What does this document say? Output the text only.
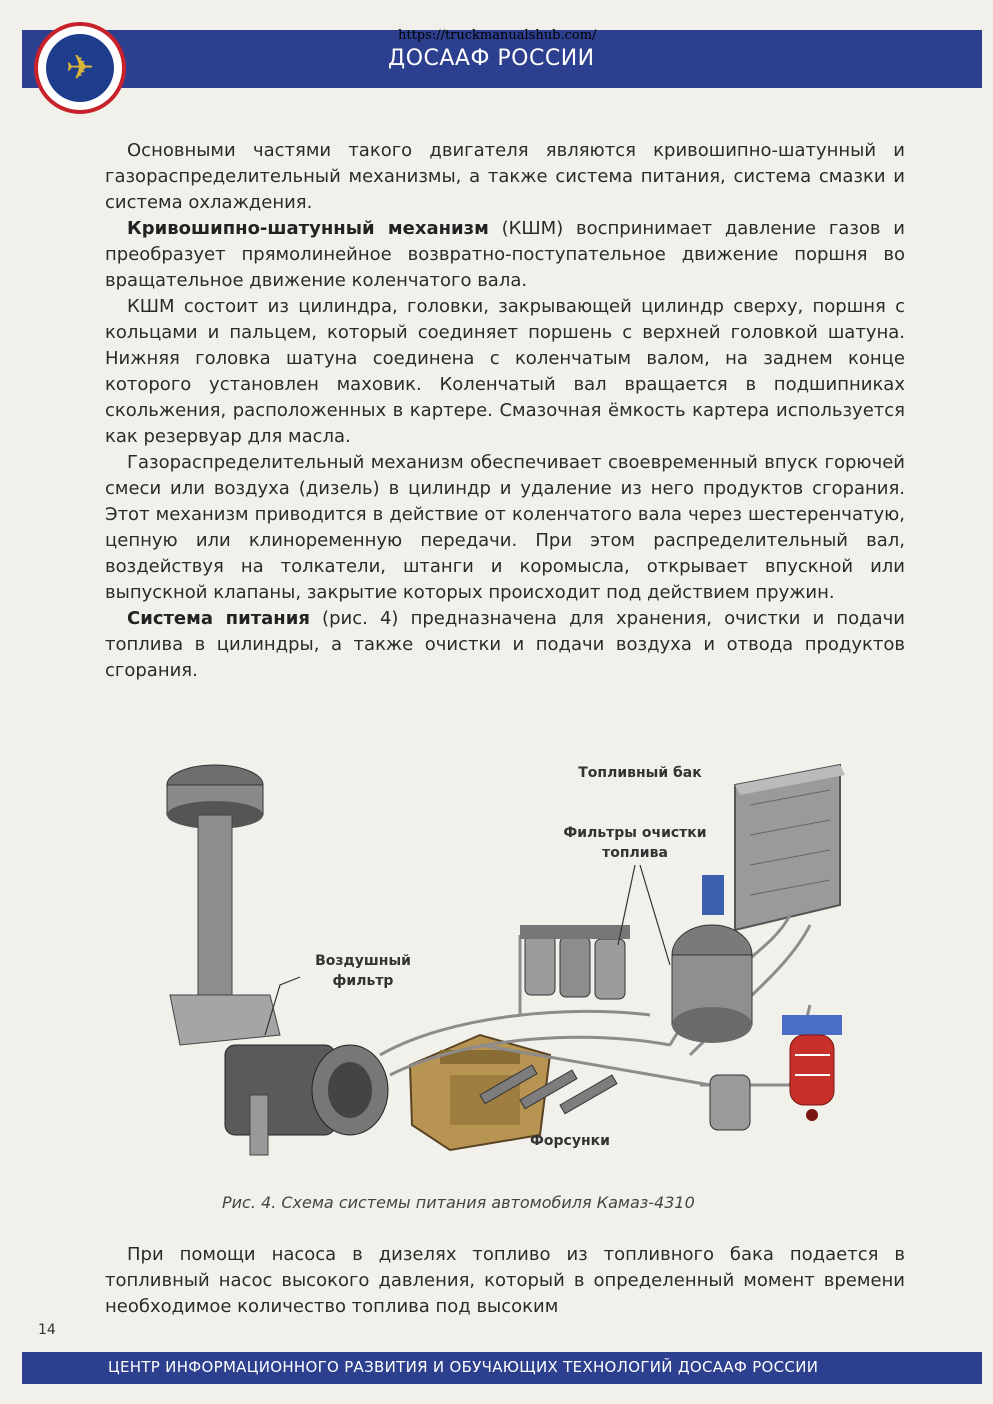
https://truckmanualshub.com/
ДОСААФ РОССИИ
✈

Основными частями такого двигателя являются кривошипно-шатунный и газораспределительный механизмы, а также система питания, система смазки и система охлаждения.

Кривошипно-шатунный механизм (КШМ) воспринимает давление газов и преобразует прямолинейное возвратно-поступательное движение поршня во вращательное движение коленчатого вала.

КШМ состоит из цилиндра, головки, закрывающей цилиндр сверху, поршня с кольцами и пальцем, который соединяет поршень с верхней головкой шатуна. Нижняя головка шатуна соединена с коленчатым валом, на заднем конце которого установлен маховик. Коленчатый вал вращается в подшипниках скольжения, расположенных в картере. Смазочная ёмкость картера используется как резервуар для масла.

Газораспределительный механизм обеспечивает своевременный впуск горючей смеси или воздуха (дизель) в цилиндр и удаление из него продуктов сгорания. Этот механизм приводится в действие от коленчатого вала через шестеренчатую, цепную или клиноременную передачи. При этом распределительный вал, воздействуя на толкатели, штанги и коромысла, открывает впускной или выпускной клапаны, закрытие которых происходит под действием пружин.

Система питания (рис. 4) предназначена для хранения, очистки и подачи топлива в цилиндры, а также очистки и подачи воздуха и отвода продуктов сгорания.

Топливный бак
Фильтры очистки топлива
Воздушный фильтр
Форсунки
Рис. 4. Схема системы питания автомобиля Камаз-4310

При помощи насоса в дизелях топливо из топливного бака подается в топливный насос высокого давления, который в определенный момент времени необходимое количество топлива под высоким

14
ЦЕНТР ИНФОРМАЦИОННОГО РАЗВИТИЯ И ОБУЧАЮЩИХ ТЕХНОЛОГИЙ ДОСААФ РОССИИ
